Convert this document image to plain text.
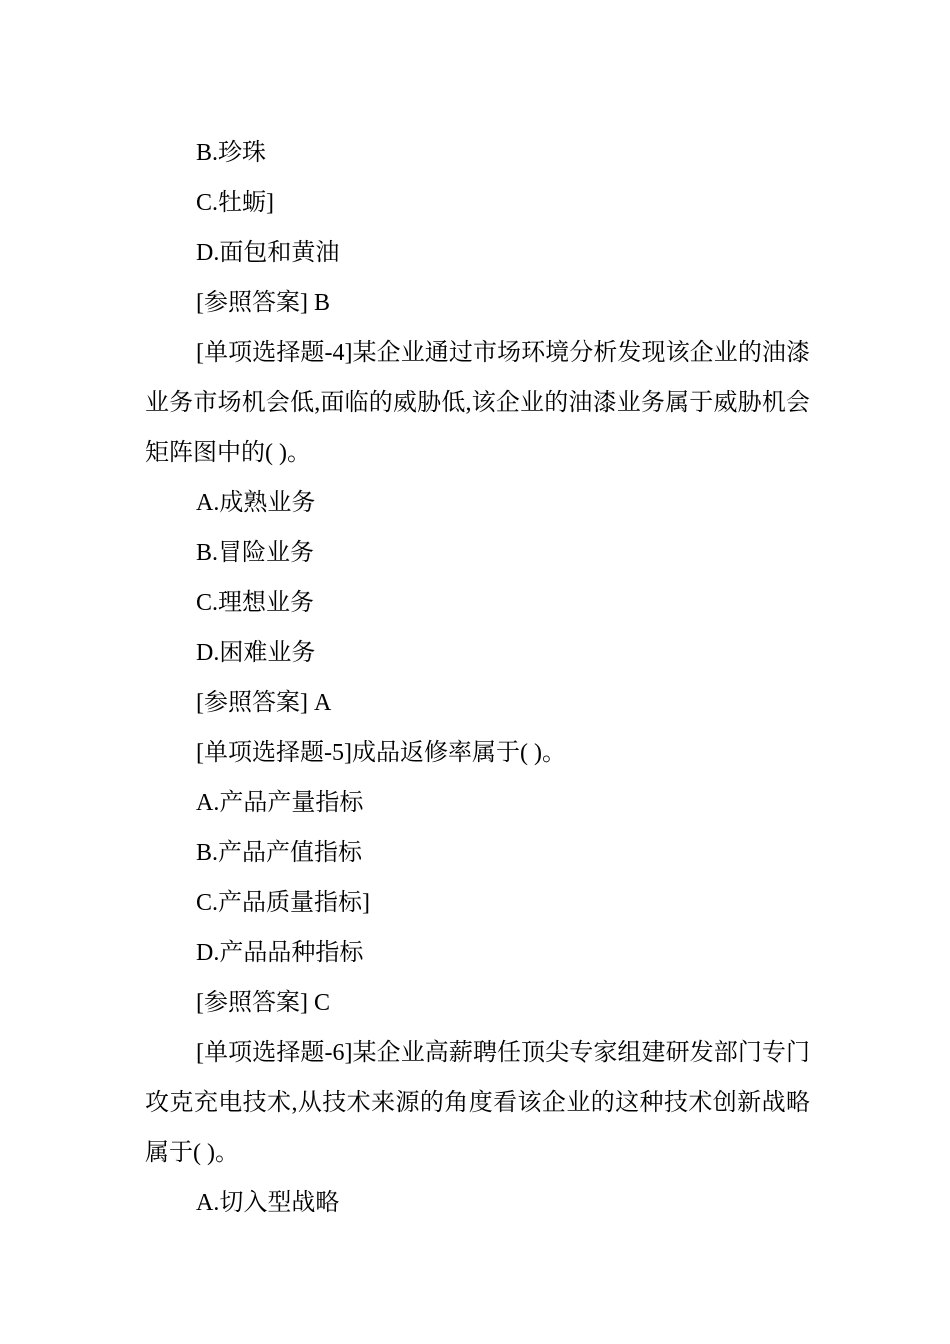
B.珍珠

C.牡蛎]

D.面包和黄油

[参照答案] B

[单项选择题-4]某企业通过市场环境分析发现该企业的油漆业务市场机会低,面临的威胁低,该企业的油漆业务属于威胁机会矩阵图中的( )。

A.成熟业务

B.冒险业务

C.理想业务

D.困难业务

[参照答案] A

[单项选择题-5]成品返修率属于( )。

A.产品产量指标

B.产品产值指标

C.产品质量指标]

D.产品品种指标

[参照答案] C

[单项选择题-6]某企业高薪聘任顶尖专家组建研发部门专门攻克充电技术,从技术来源的角度看该企业的这种技术创新战略属于( )。

A.切入型战略
